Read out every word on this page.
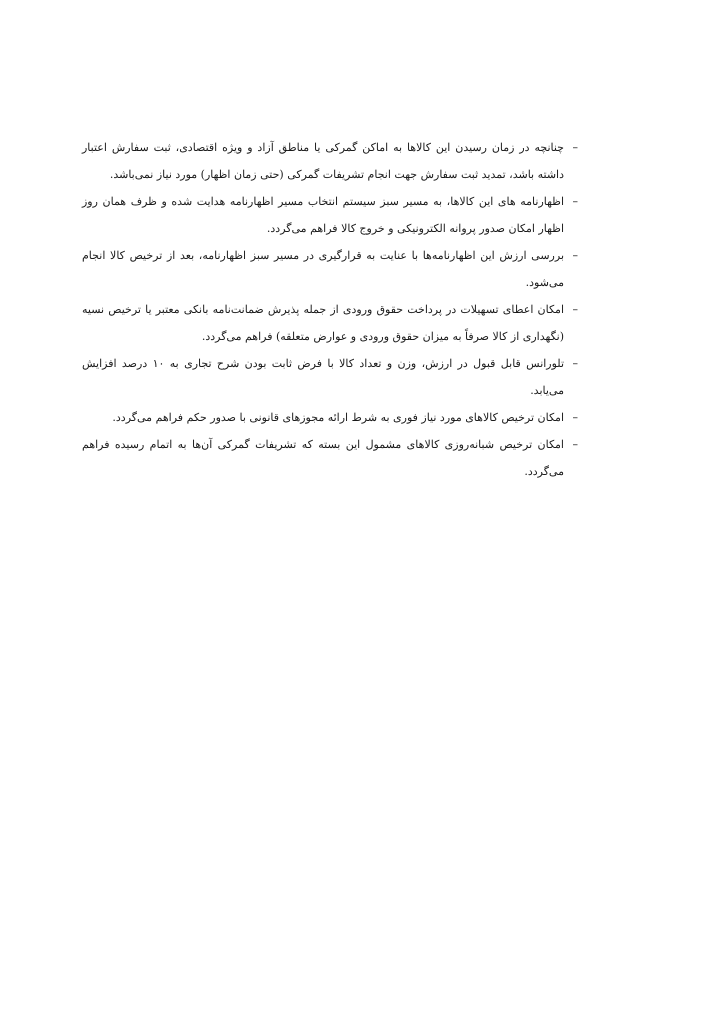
–
چنانچه در زمان رسیدن این کالاها به اماکن گمرکی یا مناطق آزاد و ویژه اقتصادی، ثبت سفارش اعتبار داشته باشد، تمدید ثبت سفارش جهت انجام تشریفات گمرکی (حتی زمان اظهار) مورد نیاز نمی‌باشد.
–
اظهارنامه های این کالاها، به مسیر سبز سیستم انتخاب مسیر اظهارنامه هدایت شده و ظرف همان روز اظهار امکان صدور پروانه الکترونیکی و خروج کالا فراهم می‌گردد.
–
بررسی ارزش این اظهارنامه‌ها با عنایت به قرارگیری در مسیر سبز اظهارنامه، بعد از ترخیص کالا انجام می‌شود.
–
امکان اعطای تسهیلات در پرداخت حقوق ورودی از جمله پذیرش ضمانت‌نامه بانکی معتبر یا ترخیص نسیه (نگهداری از کالا صرفاً به میزان حقوق ورودی و عوارض متعلقه) فراهم می‌گردد.
–
تلورانس قابل قبول در ارزش، وزن و تعداد کالا با فرض ثابت بودن شرح تجاری به ۱۰ درصد افزایش می‌یابد.
–
امکان ترخیص کالاهای مورد نیاز فوری به شرط ارائه مجوزهای قانونی با صدور حکم فراهم می‌گردد.
–
امکان ترخیص شبانه‌روزی کالاهای مشمول این بسته که تشریفات گمرکی آن‌ها به اتمام رسیده فراهم می‌گردد.
